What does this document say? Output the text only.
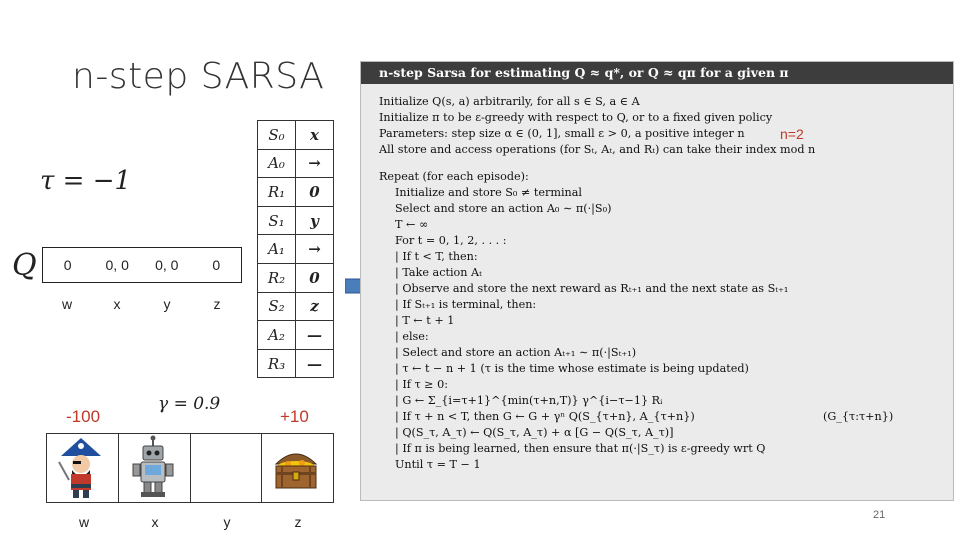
n-step SARSA
τ = −1
Q 0	0, 0	0, 0	0
w	x	y	z
S₀	x
A₀	→
R₁	0
S₁	y
A₁	→
R₂	0
S₂	z
A₂	—
R₃	—
γ = 0.9
-100	+10
w	x	y	z
n-step Sarsa for estimating Q ≈ q*, or Q ≈ qπ for a given π
Initialize Q(s, a) arbitrarily, for all s ∈ S, a ∈ A
Initialize π to be ε-greedy with respect to Q, or to a fixed given policy
Parameters: step size α ∈ (0, 1], small ε > 0, a positive integer n
All store and access operations (for Sₜ, Aₜ, and Rₜ) can take their index mod n
Repeat (for each episode):
Initialize and store S₀ ≠ terminal
Select and store an action A₀ ∼ π(·|S₀)
T ← ∞
For t = 0, 1, 2, . . . :
| If t < T, then:
| Take action Aₜ
| Observe and store the next reward as Rₜ₊₁ and the next state as Sₜ₊₁
| If Sₜ₊₁ is terminal, then:
| T ← t + 1
| else:
| Select and store an action Aₜ₊₁ ∼ π(·|Sₜ₊₁)
| τ ← t − n + 1 (τ is the time whose estimate is being updated)
| If τ ≥ 0:
| G ← Σ_{i=τ+1}^{min(τ+n,T)} γ^{i−τ−1} Rᵢ
| If τ + n < T, then G ← G + γⁿ Q(S_{τ+n}, A_{τ+n})
| Q(S_τ, A_τ) ← Q(S_τ, A_τ) + α [G − Q(S_τ, A_τ)]
| If π is being learned, then ensure that π(·|S_τ) is ε-greedy wrt Q
Until τ = T − 1
(G_{τ:τ+n})
n=2
21
